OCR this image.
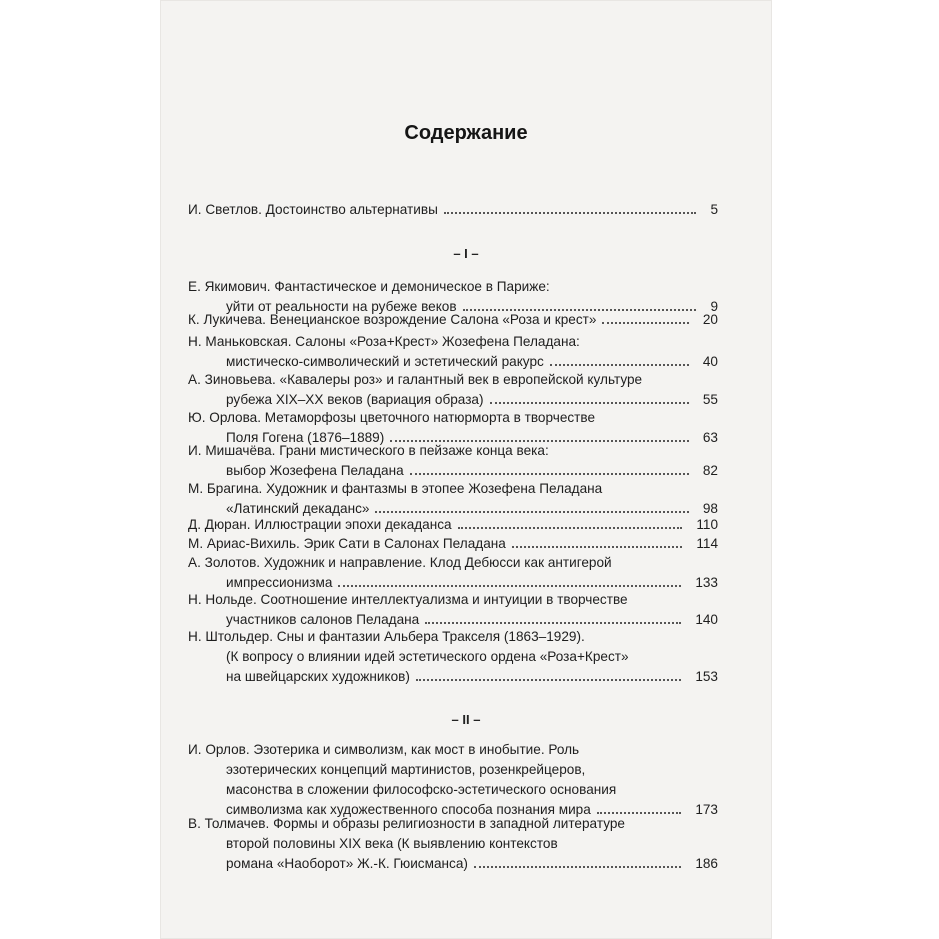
Содержание
И. Светлов. Достоинство альтернативы	5
– I –
Е. Якимович. Фантастическое и демоническое в Париже:
уйти от реальности на рубеже веков	9
К. Лукичева. Венецианское возрождение Салона «Роза и крест»	20
Н. Маньковская. Салоны «Роза+Крест» Жозефена Пеладана:
мистическо-символический и эстетический ракурс	40
А. Зиновьева. «Кавалеры роз» и галантный век в европейской культуре
рубежа XIX–XX веков (вариация образа)	55
Ю. Орлова. Метаморфозы цветочного натюрморта в творчестве
Поля Гогена (1876–1889)	63
И. Мишачёва. Грани мистического в пейзаже конца века:
выбор Жозефена Пеладана	82
М. Брагина. Художник и фантазмы в этопее Жозефена Пеладана
«Латинский декаданс»	98
Д. Дюран. Иллюстрации эпохи декаданса	110
М. Ариас-Вихиль. Эрик Сати в Салонах Пеладана	114
А. Золотов. Художник и направление. Клод Дебюсси как антигерой
импрессионизма	133
Н. Нольде. Соотношение интеллектуализма и интуиции в творчестве
участников салонов Пеладана	140
Н. Штольдер. Сны и фантазии Альбера Тракселя (1863–1929).
(К вопросу о влиянии идей эстетического ордена «Роза+Крест»
на швейцарских художников)	153
– II –
И. Орлов. Эзотерика и символизм, как мост в инобытие. Роль
эзотерических концепций мартинистов, розенкрейцеров,
масонства в сложении философско-эстетического основания
символизма как художественного способа познания мира	173
В. Толмачев. Формы и образы религиозности в западной литературе
второй половины XIX века (К выявлению контекстов
романа «Наоборот» Ж.-К. Гюисманса)	186
